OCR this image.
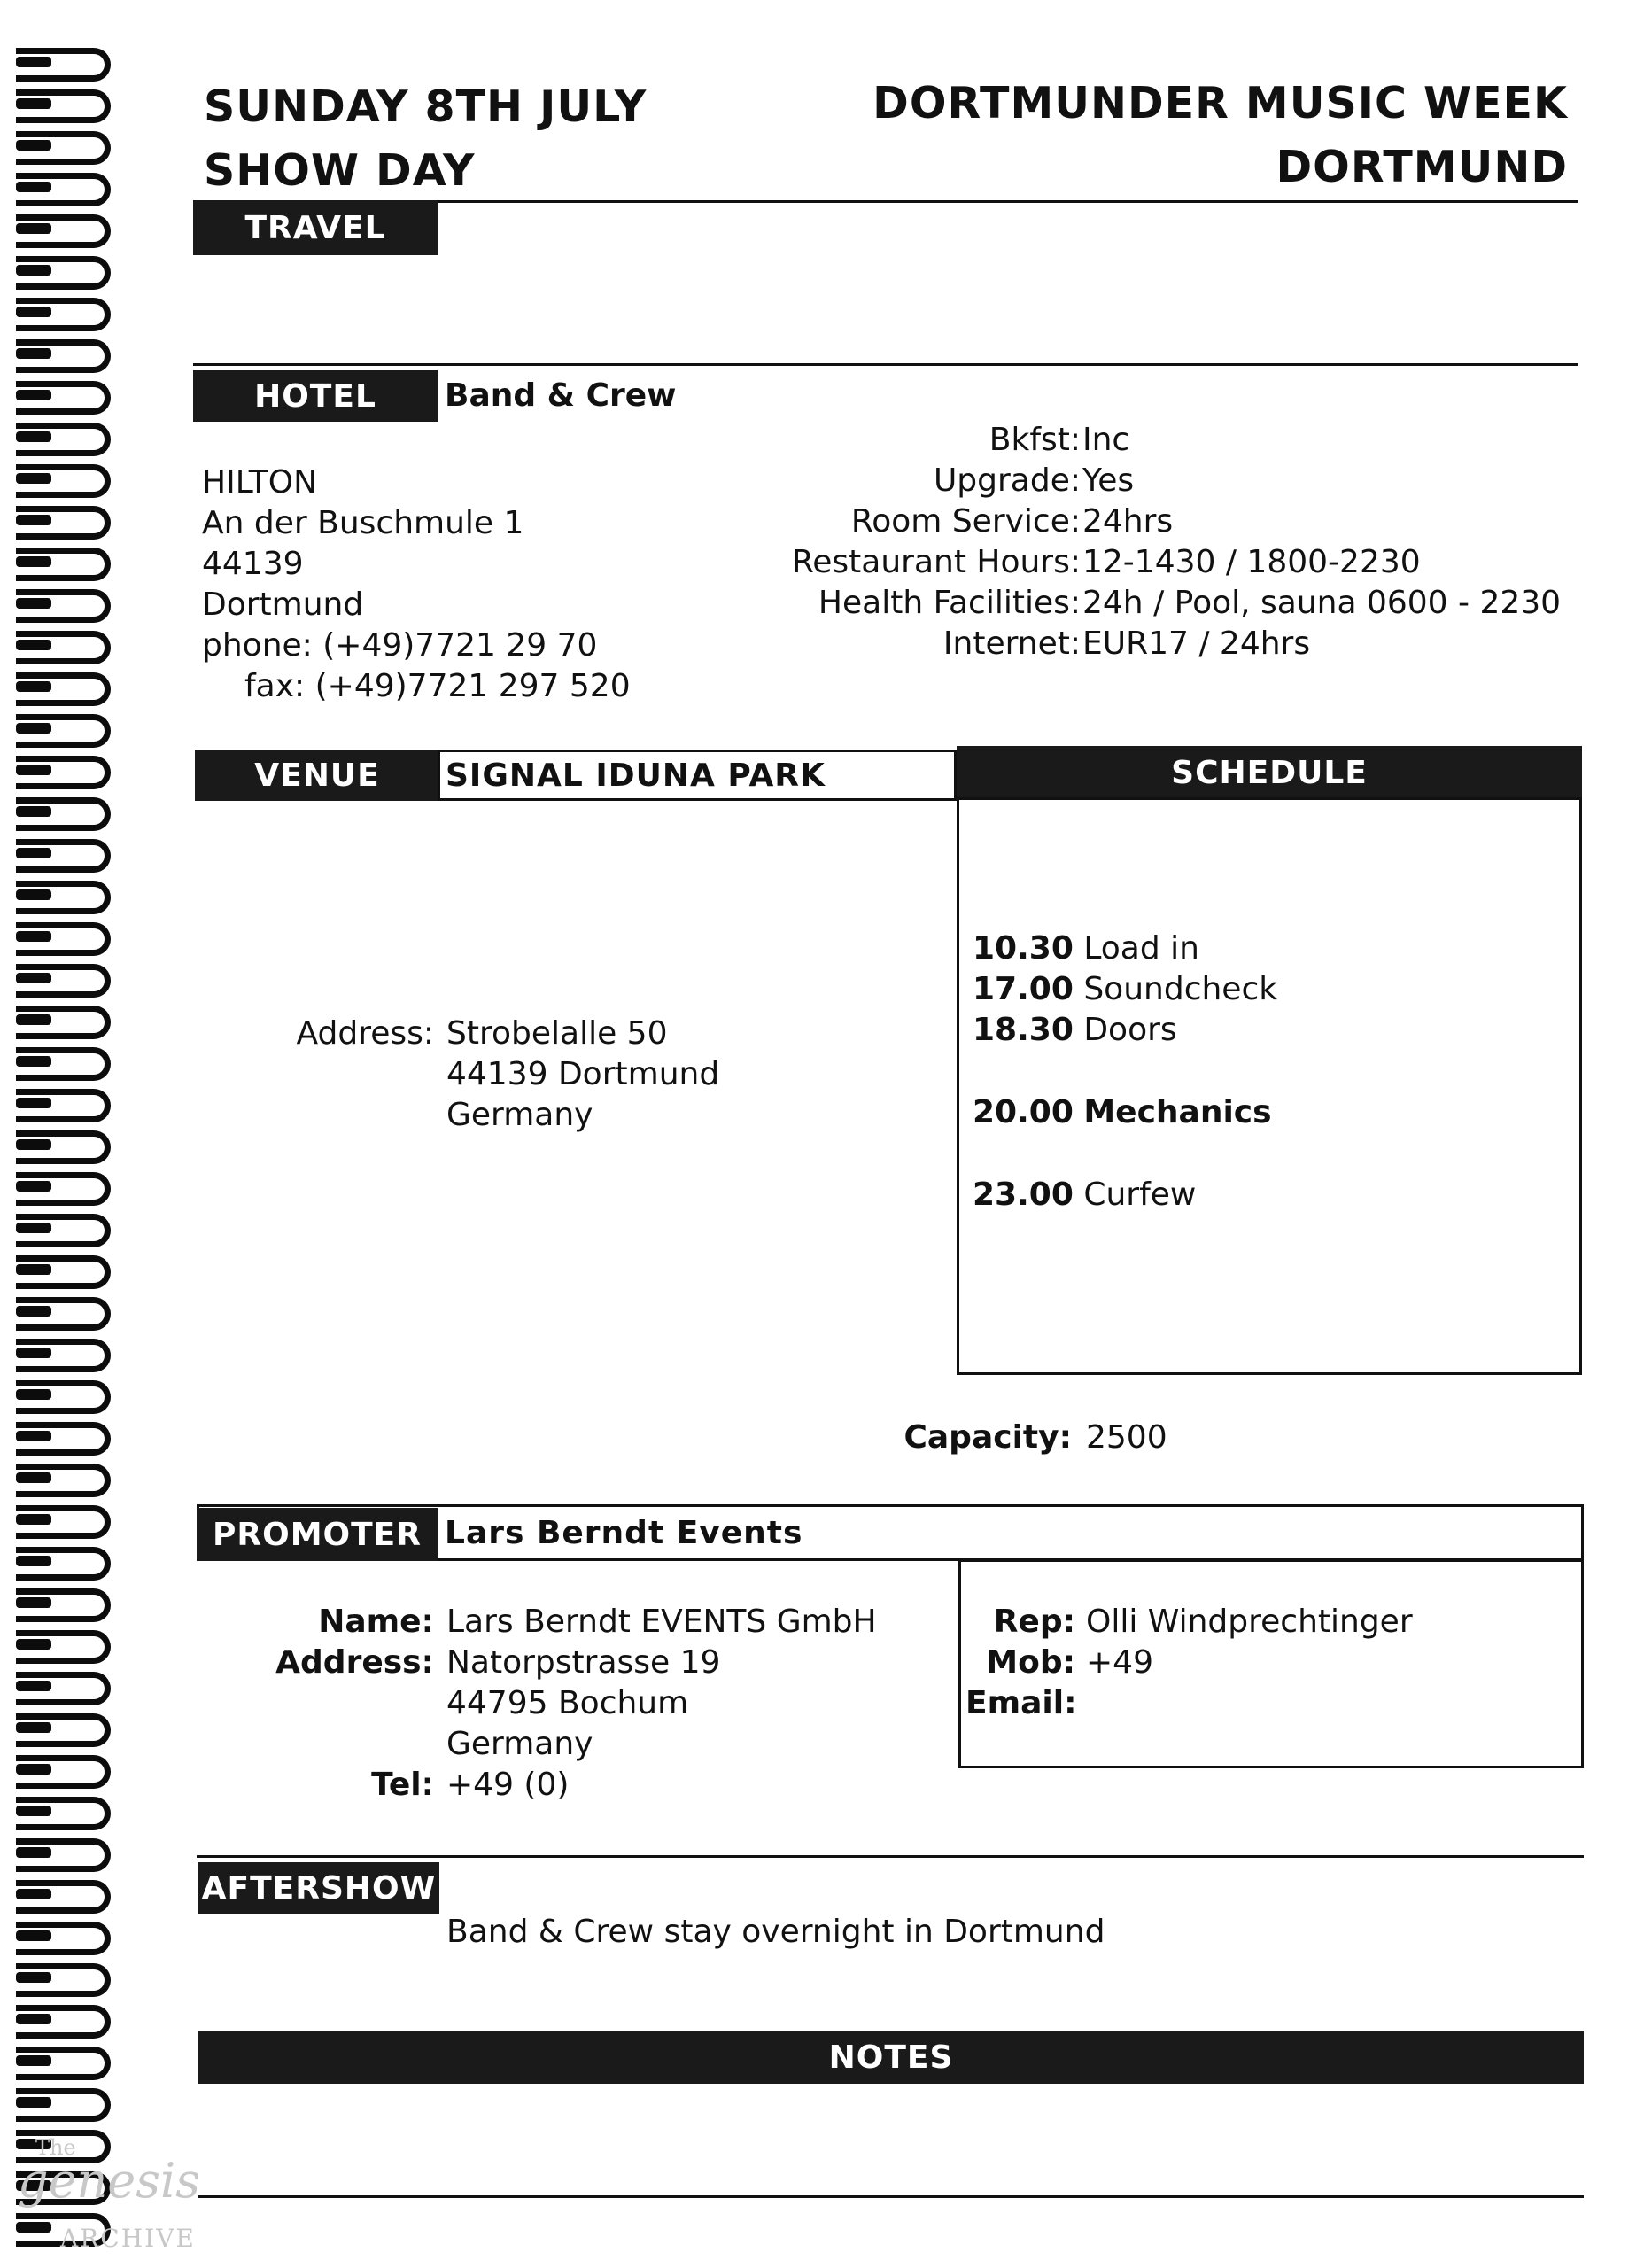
SUNDAY 8TH JULY
SHOW DAY
DORTMUNDER MUSIC WEEK
DORTMUND
TRAVEL
HOTEL	Band & Crew
HILTON
An der Buschmule 1
44139
Dortmund
phone: (+49)7721 29 70
fax: (+49)7721 297 520
Bkfst:
Upgrade:
Room Service:
Restaurant Hours:
Health Facilities:
Internet:
Inc
Yes
24hrs
12-1430 / 1800-2230
24h / Pool, sauna 0600 - 2230
EUR17 / 24hrs
VENUE	SIGNAL IDUNA PARK
Address: Strobelalle 50
44139 Dortmund
Germany
SCHEDULE
10.30 Load in
17.00 Soundcheck
18.30 Doors
20.00 Mechanics
23.00 Curfew
Capacity: 2500
PROMOTER Lars Berndt Events
Name:
Address:

Tel:
Lars Berndt EVENTS GmbH
Natorpstrasse 19
44795 Bochum
Germany
+49 (0)
Rep:
Mob:
Email:
Olli Windprechtinger
+49
AFTERSHOW
Band & Crew stay overnight in Dortmund
NOTES
The
genesis
ARCHIVE
